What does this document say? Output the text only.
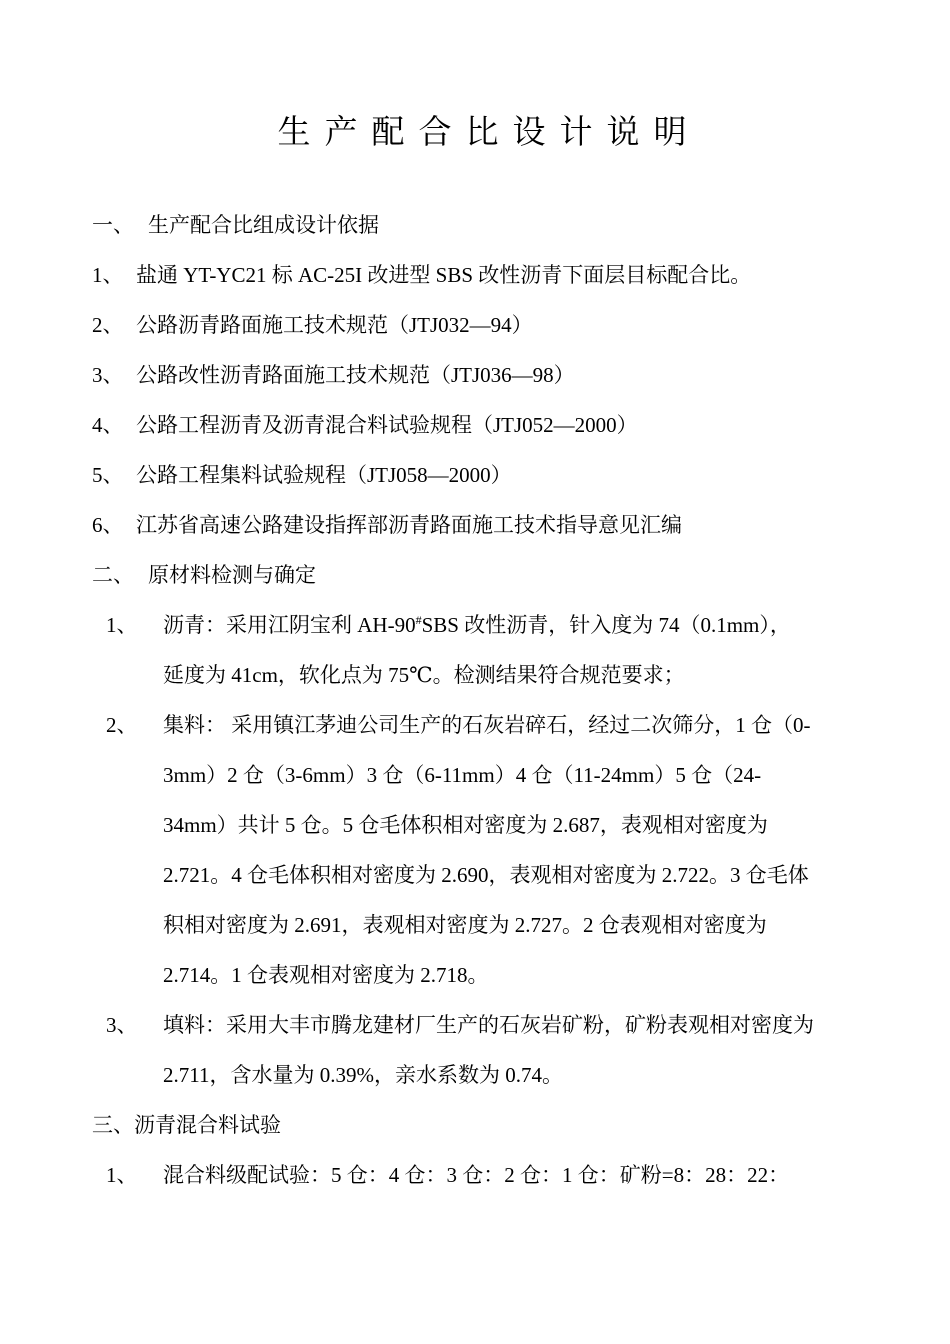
生产配合比设计说明
一、 生产配合比组成设计依据
1、 盐通 YT-YC21 标 AC-25I 改进型 SBS 改性沥青下面层目标配合比。
2、 公路沥青路面施工技术规范（JTJ032—94）
3、 公路改性沥青路面施工技术规范（JTJ036—98）
4、 公路工程沥青及沥青混合料试验规程（JTJ052—2000）
5、 公路工程集料试验规程（JTJ058—2000）
6、 江苏省高速公路建设指挥部沥青路面施工技术指导意见汇编
二、 原材料检测与确定
1、 沥青：采用江阴宝利 AH-90#SBS 改性沥青，针入度为 74（0.1mm），
延度为 41cm，软化点为 75℃。检测结果符合规范要求；
2、 集料： 采用镇江茅迪公司生产的石灰岩碎石，经过二次筛分，1 仓（0-
3mm）2 仓（3-6mm）3 仓（6-11mm）4 仓（11-24mm）5 仓（24-
34mm）共计 5 仓。5 仓毛体积相对密度为 2.687，表观相对密度为
2.721。4 仓毛体积相对密度为 2.690，表观相对密度为 2.722。3 仓毛体
积相对密度为 2.691，表观相对密度为 2.727。2 仓表观相对密度为
2.714。1 仓表观相对密度为 2.718。
3、 填料：采用大丰市腾龙建材厂生产的石灰岩矿粉，矿粉表观相对密度为
2.711，含水量为 0.39%，亲水系数为 0.74。
三、沥青混合料试验
1、 混合料级配试验：5 仓：4 仓：3 仓：2 仓：1 仓：矿粉=8：28：22：
